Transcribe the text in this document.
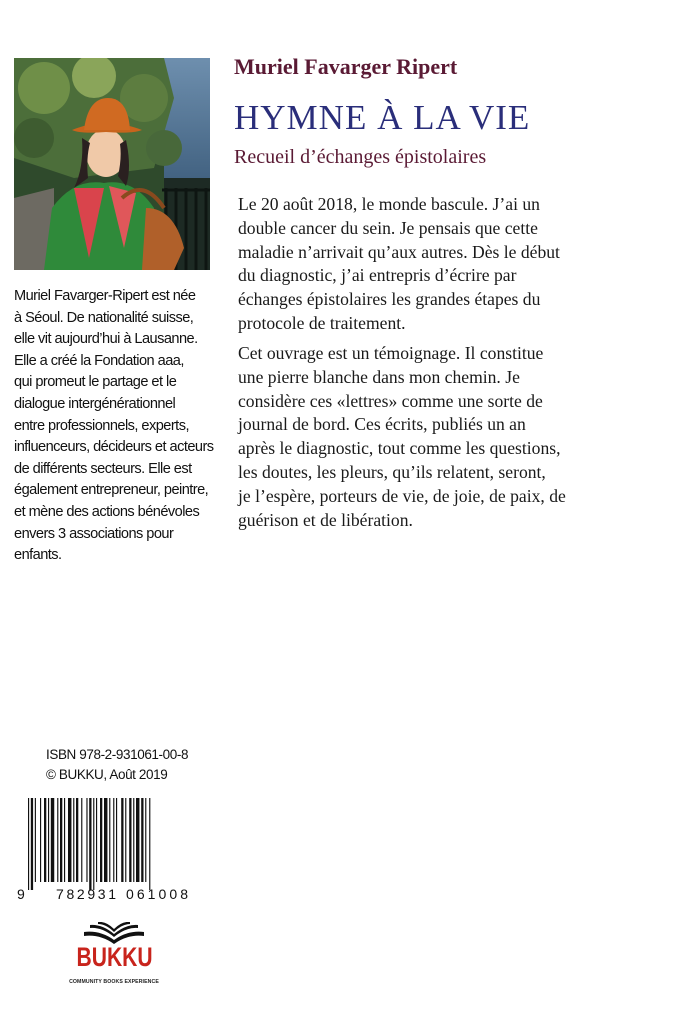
Muriel Favarger-Ripert est née
à Séoul. De nationalité suisse,
elle vit aujourd’hui à Lausanne.
Elle a créé la Fondation aaa,
qui promeut le partage et le
dialogue intergénérationnel
entre professionnels, experts,
influenceurs, décideurs et acteurs
de différents secteurs. Elle est
également entrepreneur, peintre,
et mène des actions bénévoles
envers 3 associations pour
enfants.
Muriel Favarger Ripert
HYMNE À LA VIE
Recueil d’échanges épistolaires
Le 20 août 2018, le monde bascule. J’ai un
double cancer du sein. Je pensais que cette
maladie n’arrivait qu’aux autres. Dès le début
du diagnostic, j’ai entrepris d’écrire par
échanges épistolaires les grandes étapes du
protocole de traitement.
Cet ouvrage est un témoignage. Il constitue
une pierre blanche dans mon chemin. Je
considère ces «lettres» comme une sorte de
journal de bord. Ces écrits, publiés un an
après le diagnostic, tout comme les questions,
les doutes, les pleurs, qu’ils relatent, seront,
je l’espère, porteurs de vie, de joie, de paix, de
guérison et de libération.
ISBN 978-2-931061-00-8
© BUKKU, Août 2019
9 782931 061008
BUKKU
COMMUNITY BOOKS EXPERIENCE
